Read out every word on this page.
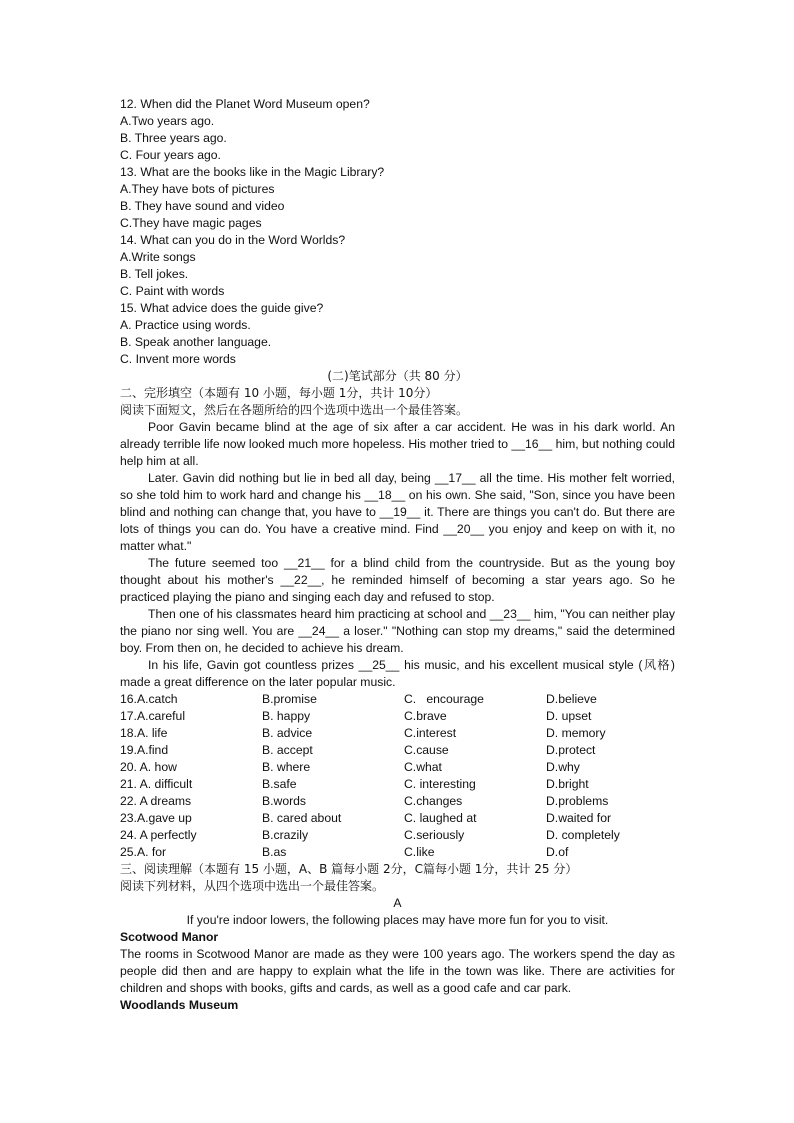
12. When did the Planet Word Museum open?
A.Two years ago.
B. Three years ago.
C. Four years ago.
13. What are the books like in the Magic Library?
A.They have bots of pictures
B. They have sound and video
C.They have magic pages
14. What can you do in the Word Worlds?
A.Write songs
B. Tell jokes.
C. Paint with words
15. What advice does the guide give?
A. Practice using words.
B. Speak another language.
C. Invent more words
(二)笔试部分（共 80 分）
二、完形填空（本题有 10 小题，每小题 1分，共计 10分）
阅读下面短文，然后在各题所给的四个选项中选出一个最佳答案。
Poor Gavin became blind at the age of six after a car accident. He was in his dark world. An already terrible life now looked much more hopeless. His mother tried to __16__ him, but nothing could help him at all.
Later. Gavin did nothing but lie in bed all day, being __17__ all the time. His mother felt worried, so she told him to work hard and change his __18__ on his own. She said, "Son, since you have been blind and nothing can change that, you have to __19__ it. There are things you can't do. But there are lots of things you can do. You have a creative mind. Find __20__ you enjoy and keep on with it, no matter what."
The future seemed too __21__ for a blind child from the countryside. But as the young boy thought about his mother's __22__, he reminded himself of becoming a star years ago. So he practiced playing the piano and singing each day and refused to stop.
Then one of his classmates heard him practicing at school and __23__ him, "You can neither play the piano nor sing well. You are __24__ a loser." "Nothing can stop my dreams," said the determined boy. From then on, he decided to achieve his dream.
In his life, Gavin got countless prizes __25__ his music, and his excellent musical style (风格) made a great difference on the later popular music.
16.A.catch	B.promise	C.   encourage	D.believe
17.A.careful	B. happy	C.brave	D. upset
18.A. life	B. advice	C.interest	D. memory
19.A.find	B. accept	C.cause	D.protect
20. A. how	B. where	C.what	D.why
21. A. difficult	B.safe	C. interesting	D.bright
22. A dreams	B.words	C.changes	D.problems
23.A.gave up	B. cared about	C. laughed at	D.waited for
24. A perfectly	B.crazily	C.seriously	D. completely
25.A. for	B.as	C.like	D.of
三、阅读理解（本题有 15 小题，A、B 篇每小题 2分，C篇每小题 1分，共计 25 分）
阅读下列材料，从四个选项中选出一个最佳答案。
A
If you're indoor lowers, the following places may have more fun for you to visit.
Scotwood Manor
The rooms in Scotwood Manor are made as they were 100 years ago. The workers spend the day as people did then and are happy to explain what the life in the town was like. There are activities for children and shops with books, gifts and cards, as well as a good cafe and car park.
Woodlands Museum
